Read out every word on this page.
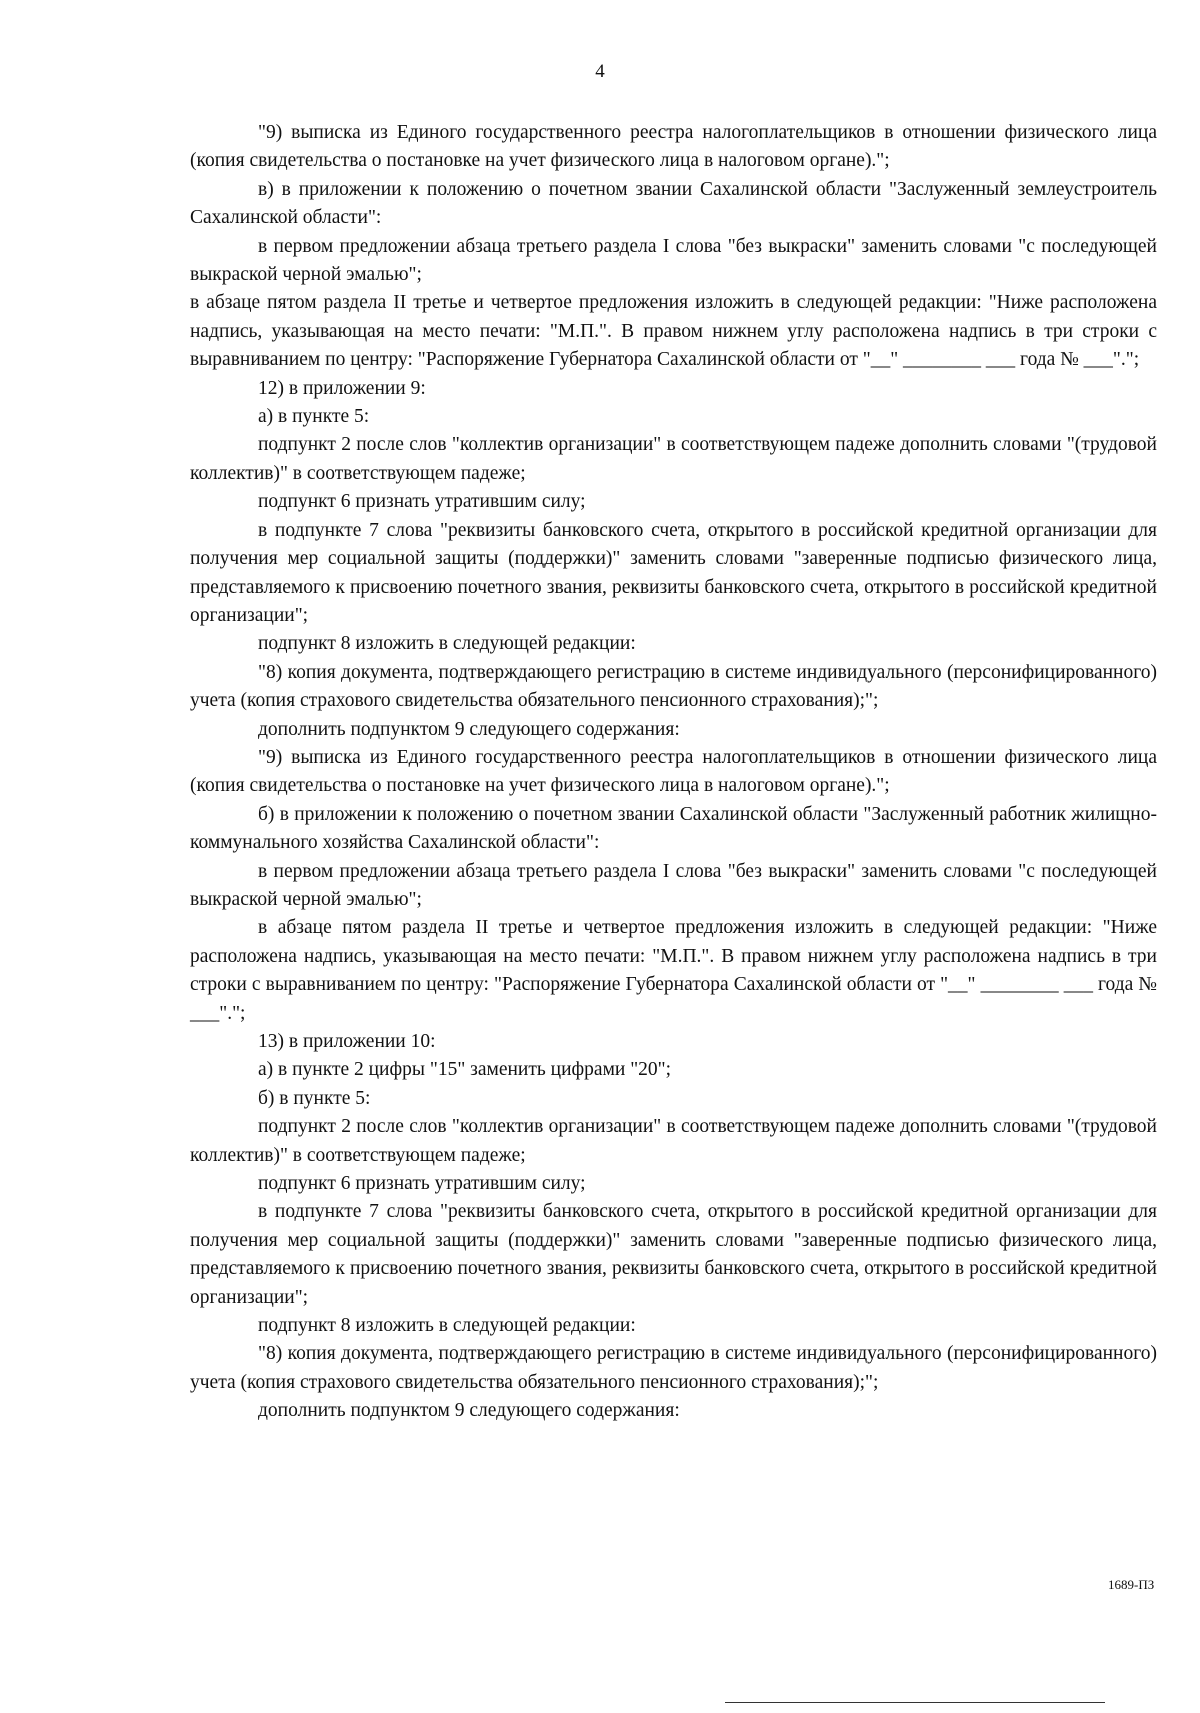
4

"9) выписка из Единого государственного реестра налогоплательщиков в отношении физического лица (копия свидетельства о постановке на учет физического лица в налоговом органе).";

в) в приложении к положению о почетном звании Сахалинской области "Заслуженный землеустроитель Сахалинской области":

в первом предложении абзаца третьего раздела I слова "без выкраски" заменить словами "с последующей выкраской черной эмалью";

в абзаце пятом раздела II третье и четвертое предложения изложить в следующей редакции: "Ниже расположена надпись, указывающая на место печати: "М.П.". В правом нижнем углу расположена надпись в три строки с выравниванием по центру: "Распоряжение Губернатора Сахалинской области от "__" ________ ___ года № ___".";

12) в приложении 9:

а) в пункте 5:

подпункт 2 после слов "коллектив организации" в соответствующем падеже дополнить словами "(трудовой коллектив)" в соответствующем падеже;

подпункт 6 признать утратившим силу;

в подпункте 7 слова "реквизиты банковского счета, открытого в российской кредитной организации для получения мер социальной защиты (поддержки)" заменить словами "заверенные подписью физического лица, представляемого к присвоению почетного звания, реквизиты банковского счета, открытого в российской кредитной организации";

подпункт 8 изложить в следующей редакции:

"8) копия документа, подтверждающего регистрацию в системе индивидуального (персонифицированного) учета (копия страхового свидетельства обязательного пенсионного страхования);";

дополнить подпунктом 9 следующего содержания:

"9) выписка из Единого государственного реестра налогоплательщиков в отношении физического лица (копия свидетельства о постановке на учет физического лица в налоговом органе).";

б) в приложении к положению о почетном звании Сахалинской области "Заслуженный работник жилищно-коммунального хозяйства Сахалинской области":

в первом предложении абзаца третьего раздела I слова "без выкраски" заменить словами "с последующей выкраской черной эмалью";

в абзаце пятом раздела II третье и четвертое предложения изложить в следующей редакции: "Ниже расположена надпись, указывающая на место печати: "М.П.". В правом нижнем углу расположена надпись в три строки с выравниванием по центру: "Распоряжение Губернатора Сахалинской области от "__" ________ ___ года № ___".";

13) в приложении 10:

а) в пункте 2 цифры "15" заменить цифрами "20";

б) в пункте 5:

подпункт 2 после слов "коллектив организации" в соответствующем падеже дополнить словами "(трудовой коллектив)" в соответствующем падеже;

подпункт 6 признать утратившим силу;

в подпункте 7 слова "реквизиты банковского счета, открытого в российской кредитной организации для получения мер социальной защиты (поддержки)" заменить словами "заверенные подписью физического лица, представляемого к присвоению почетного звания, реквизиты банковского счета, открытого в российской кредитной организации";

подпункт 8 изложить в следующей редакции:

"8) копия документа, подтверждающего регистрацию в системе индивидуального (персонифицированного) учета (копия страхового свидетельства обязательного пенсионного страхования);";

дополнить подпунктом 9 следующего содержания:

1689-ПЗ
